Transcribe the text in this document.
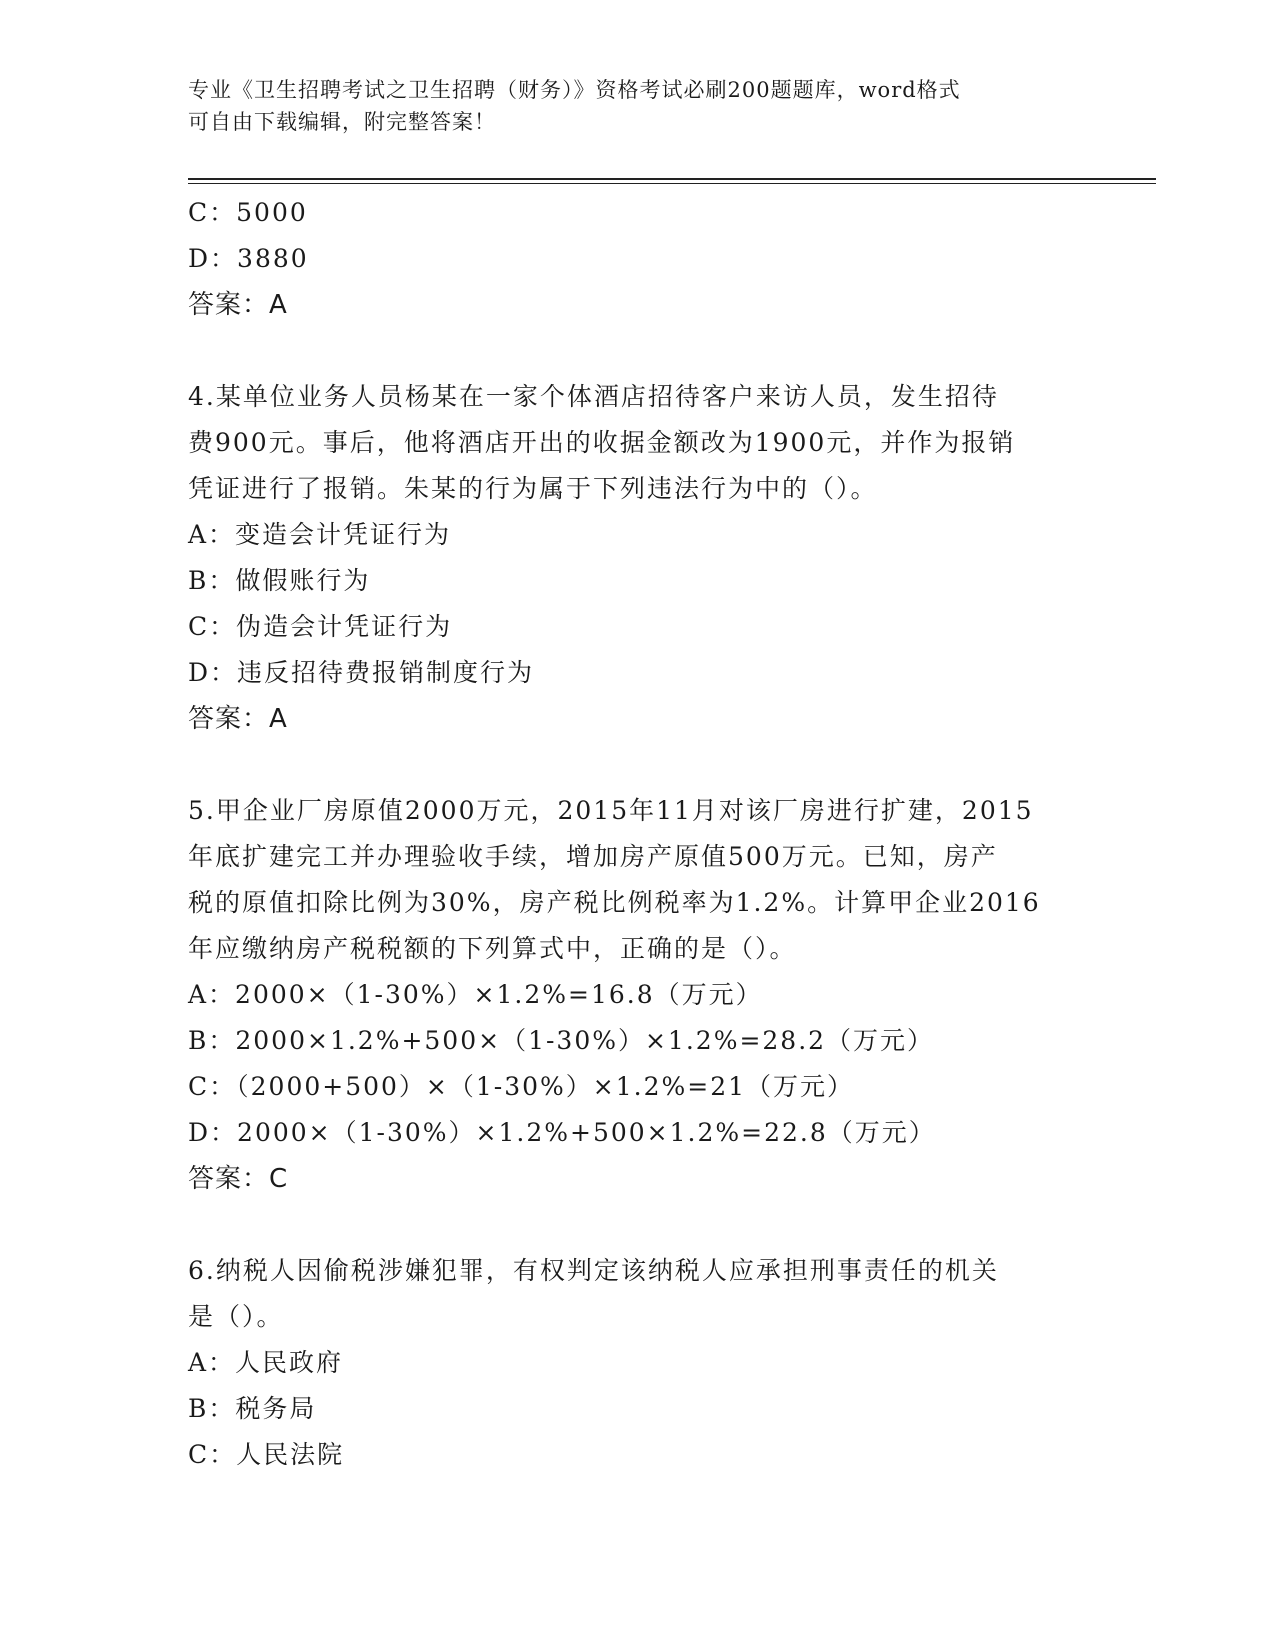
专业《卫生招聘考试之卫生招聘（财务）》资格考试必刷200题题库，word格式
可自由下载编辑，附完整答案！
C：5000
D：3880
答案：A
4.某单位业务人员杨某在一家个体酒店招待客户来访人员，发生招待
费900元。事后，他将酒店开出的收据金额改为1900元，并作为报销
凭证进行了报销。朱某的行为属于下列违法行为中的（）。
A：变造会计凭证行为
B：做假账行为
C：伪造会计凭证行为
D：违反招待费报销制度行为
答案：A
5.甲企业厂房原值2000万元，2015年11月对该厂房进行扩建，2015
年底扩建完工并办理验收手续，增加房产原值500万元。已知，房产
税的原值扣除比例为30%，房产税比例税率为1.2%。计算甲企业2016
年应缴纳房产税税额的下列算式中，正确的是（）。
A：2000×（1-30%）×1.2%=16.8（万元）
B：2000×1.2%+500×（1-30%）×1.2%=28.2（万元）
C：（2000+500）×（1-30%）×1.2%=21（万元）
D：2000×（1-30%）×1.2%+500×1.2%=22.8（万元）
答案：C
6.纳税人因偷税涉嫌犯罪，有权判定该纳税人应承担刑事责任的机关
是（）。
A：人民政府
B：税务局
C：人民法院
